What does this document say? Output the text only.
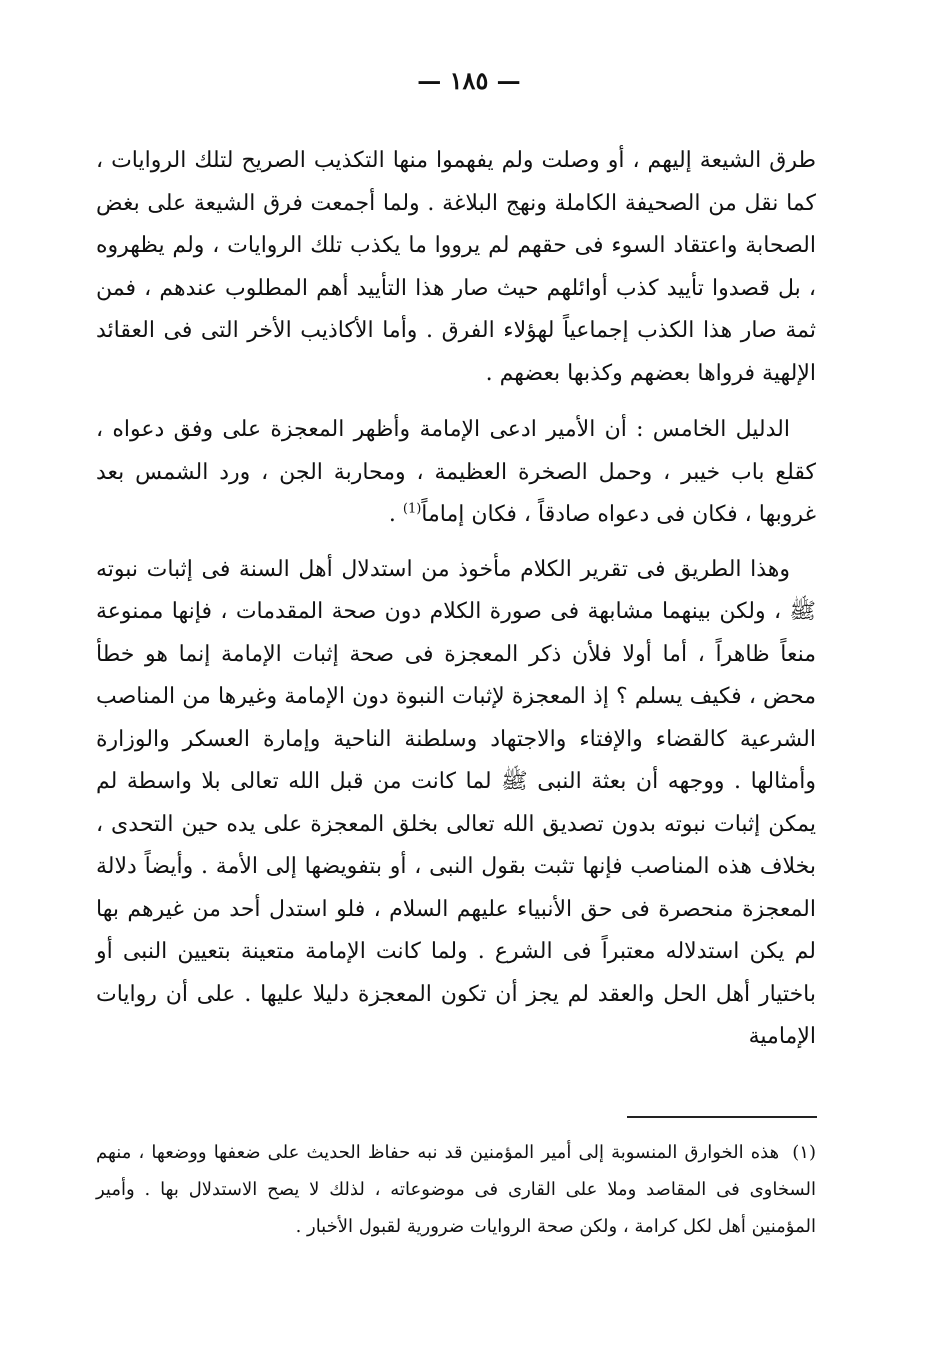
— ١٨٥ —

طرق الشيعة إليهم ، أو وصلت ولم يفهموا منها التكذيب الصريح لتلك الروايات ، كما نقل من الصحيفة الكاملة ونهج البلاغة . ولما أجمعت فرق الشيعة على بغض الصحابة واعتقاد السوء فى حقهم لم يرووا ما يكذب تلك الروايات ، ولم يظهروه ، بل قصدوا تأييد كذب أوائلهم حيث صار هذا التأييد أهم المطلوب عندهم ، فمن ثمة صار هذا الكذب إجماعياً لهؤلاء الفرق . وأما الأكاذيب الأخر التى فى العقائد الإلهية فرواها بعضهم وكذبها بعضهم .

الدليل الخامس : أن الأمير ادعى الإمامة وأظهر المعجزة على وفق دعواه ، كقلع باب خيبر ، وحمل الصخرة العظيمة ، ومحاربة الجن ، ورد الشمس بعد غروبها ، فكان فى دعواه صادقاً ، فكان إماماً$^{(1)}$ .

وهذا الطريق فى تقرير الكلام مأخوذ من استدلال أهل السنة فى إثبات نبوته ﷺ ، ولكن بينهما مشابهة فى صورة الكلام دون صحة المقدمات ، فإنها ممنوعة منعاً ظاهراً ، أما أولا فلأن ذكر المعجزة فى صحة إثبات الإمامة إنما هو خطأ محض ، فكيف يسلم ؟ إذ المعجزة لإثبات النبوة دون الإمامة وغيرها من المناصب الشرعية كالقضاء والإفتاء والاجتهاد وسلطنة الناحية وإمارة العسكر والوزارة وأمثالها . ووجهه أن بعثة النبى ﷺ لما كانت من قبل الله تعالى بلا واسطة لم يمكن إثبات نبوته بدون تصديق الله تعالى بخلق المعجزة على يده حين التحدى ، بخلاف هذه المناصب فإنها تثبت بقول النبى ، أو بتفويضها إلى الأمة . وأيضاً دلالة المعجزة منحصرة فى حق الأنبياء عليهم السلام ، فلو استدل أحد من غيرهم بها لم يكن استدلاله معتبراً فى الشرع . ولما كانت الإمامة متعينة بتعيين النبى أو باختيار أهل الحل والعقد لم يجز أن تكون المعجزة دليلا عليها . على أن روايات الإمامية

(١) هذه الخوارق المنسوبة إلى أمير المؤمنين قد نبه حفاظ الحديث على ضعفها ووضعها ، منهم السخاوى فى المقاصد وملا على القارى فى موضوعاته ، لذلك لا يصح الاستدلال بها . وأمير المؤمنين أهل لكل كرامة ، ولكن صحة الروايات ضرورية لقبول الأخبار .
